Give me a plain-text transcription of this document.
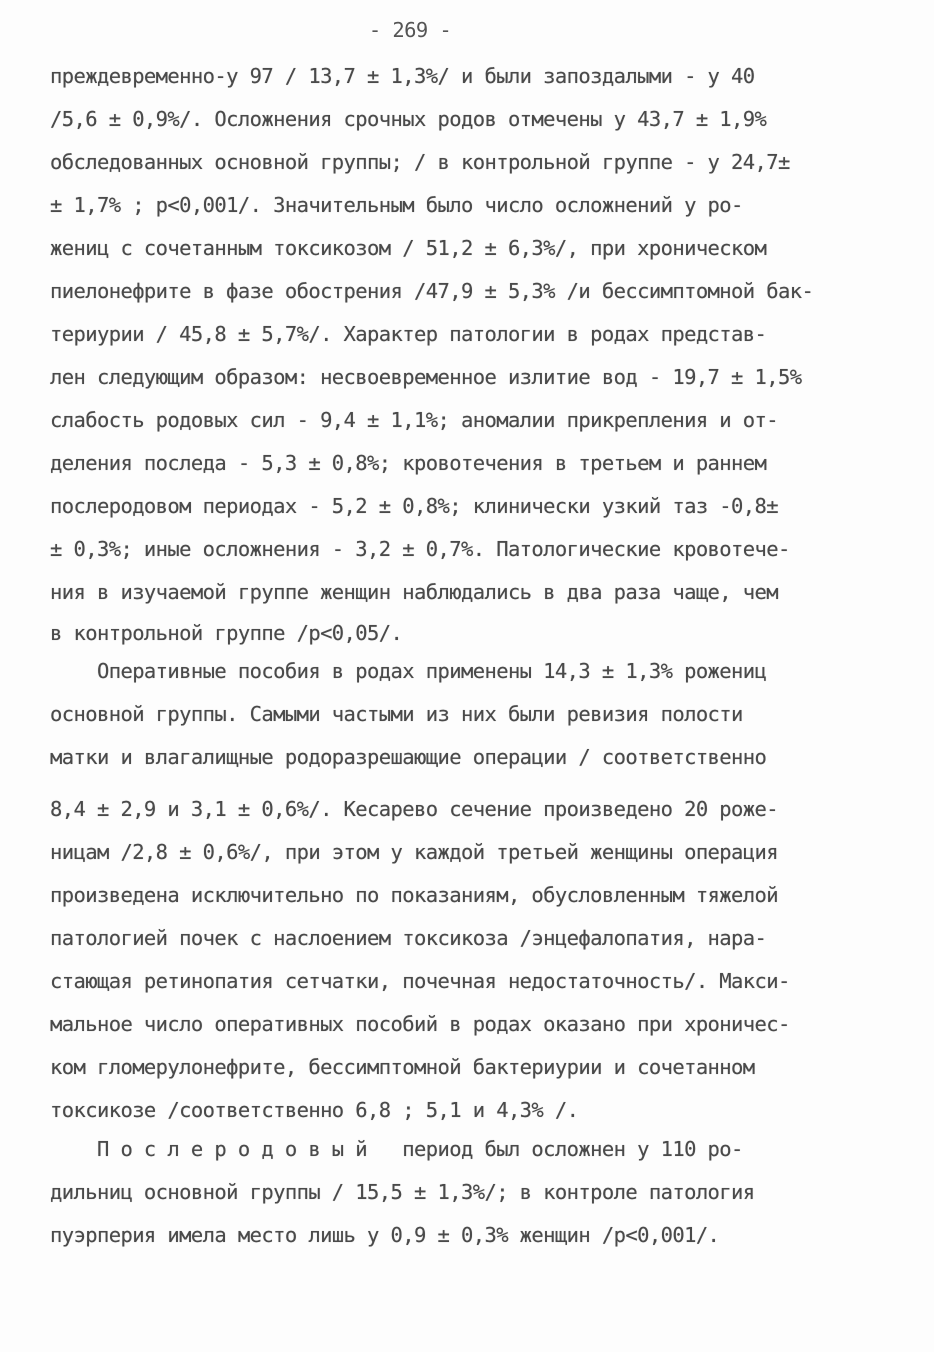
- 269 -
преждевременно-у 97 / 13,7 ± 1,3%/ и были запоздалыми - у 40
/5,6 ± 0,9%/. Осложнения срочных родов отмечены у 43,7 ± 1,9%
обследованных основной группы; / в контрольной группе - у 24,7±
± 1,7% ; p<0,001/. Значительным было число осложнений у ро-
жениц с сочетанным токсикозом / 51,2 ± 6,3%/, при хроническом
пиелонефрите в фазе обострения /47,9 ± 5,3% /и бессимптомной бак-
териурии / 45,8 ± 5,7%/. Характер патологии в родах представ-
лен следующим образом: несвоевременное излитие вод - 19,7 ± 1,5%
слабость родовых сил - 9,4 ± 1,1%; аномалии прикрепления и от-
деления последа - 5,3 ± 0,8%; кровотечения в третьем и раннем
послеродовом периодах - 5,2 ± 0,8%; клинически узкий таз -0,8±
± 0,3%; иные осложнения - 3,2 ± 0,7%. Патологические кровотече-
ния в изучаемой группе женщин наблюдались в два раза чаще, чем
в контрольной группе /p<0,05/.
Оперативные пособия в родах применены 14,3 ± 1,3% рожениц
основной группы. Самыми частыми из них были ревизия полости
матки и влагалищные родоразрешающие операции / соответственно
8,4 ± 2,9 и 3,1 ± 0,6%/. Кесарево сечение произведено 20 роже-
ницам /2,8 ± 0,6%/, при этом у каждой третьей женщины операция
произведена исключительно по показаниям, обусловленным тяжелой
патологией почек с наслоением токсикоза /энцефалопатия, нара-
стающая ретинопатия сетчатки, почечная недостаточность/. Макси-
мальное число оперативных пособий в родах оказано при хроничес-
ком гломерулонефрите, бессимптомной бактериурии и сочетанном
токсикозе /соответственно 6,8 ; 5,1 и 4,3% /.
П о с л е р о д о в ы й   период был осложнен у 110 ро-
дильниц основной группы / 15,5 ± 1,3%/; в контроле патология
пуэрперия имела место лишь у 0,9 ± 0,3% женщин /p<0,001/.
